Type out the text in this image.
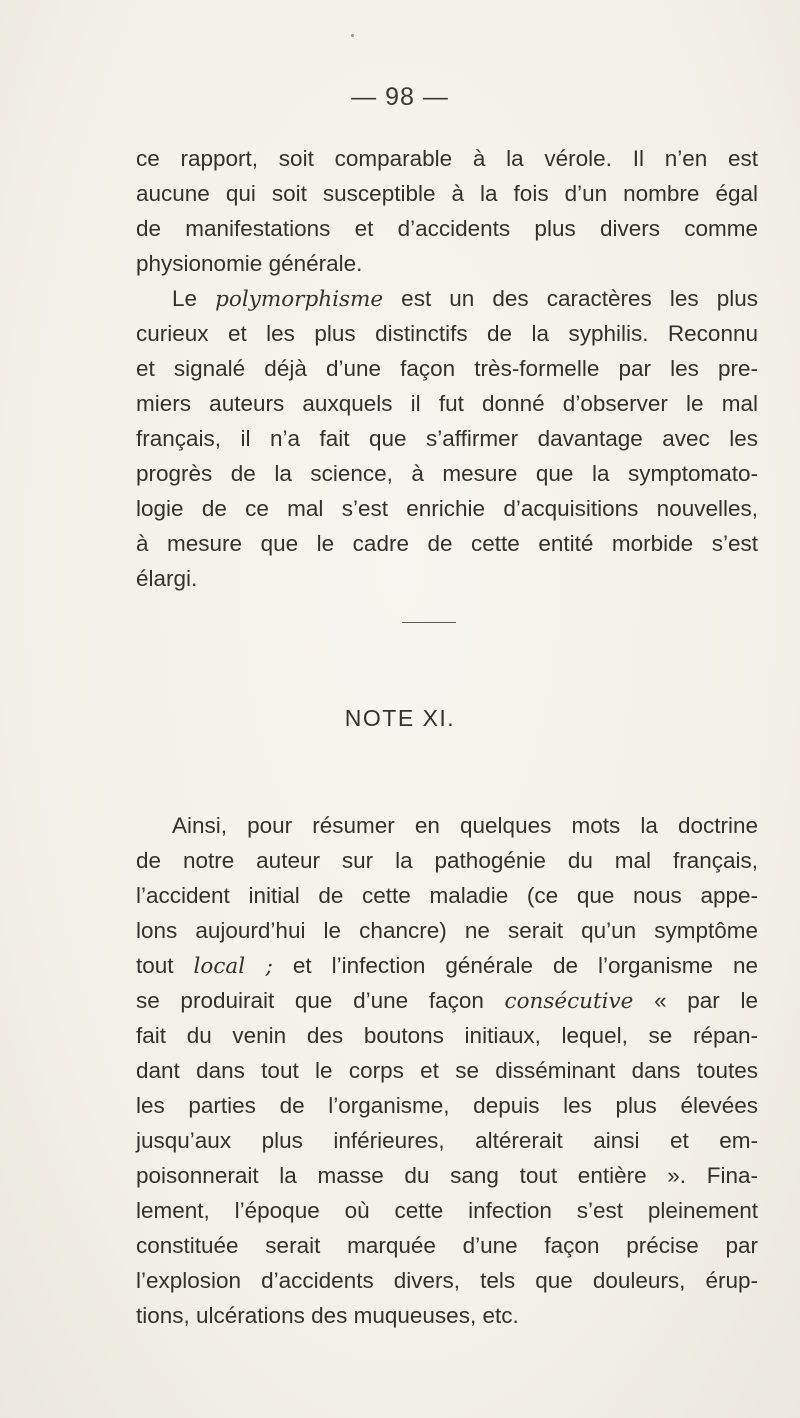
— 98 —
ce rapport, soit comparable à la vérole. Il n’en est
aucune qui soit susceptible à la fois d’un nombre égal
de manifestations et d’accidents plus divers comme
physionomie générale.
Le polymorphisme est un des caractères les plus
curieux et les plus distinctifs de la syphilis. Reconnu
et signalé déjà d’une façon très-formelle par les pre-
miers auteurs auxquels il fut donné d’observer le mal
français, il n’a fait que s’affirmer davantage avec les
progrès de la science, à mesure que la symptomato-
logie de ce mal s’est enrichie d’acquisitions nouvelles,
à mesure que le cadre de cette entité morbide s’est
élargi.
NOTE XI.
Ainsi, pour résumer en quelques mots la doctrine
de notre auteur sur la pathogénie du mal français,
l’accident initial de cette maladie (ce que nous appe-
lons aujourd’hui le chancre) ne serait qu’un symptôme
tout local ; et l’infection générale de l’organisme ne
se produirait que d’une façon consécutive « par le
fait du venin des boutons initiaux, lequel, se répan-
dant dans tout le corps et se disséminant dans toutes
les parties de l’organisme, depuis les plus élevées
jusqu’aux plus inférieures, altérerait ainsi et em-
poisonnerait la masse du sang tout entière ». Fina-
lement, l’époque où cette infection s’est pleinement
constituée serait marquée d’une façon précise par
l’explosion d’accidents divers, tels que douleurs, érup-
tions, ulcérations des muqueuses, etc.
